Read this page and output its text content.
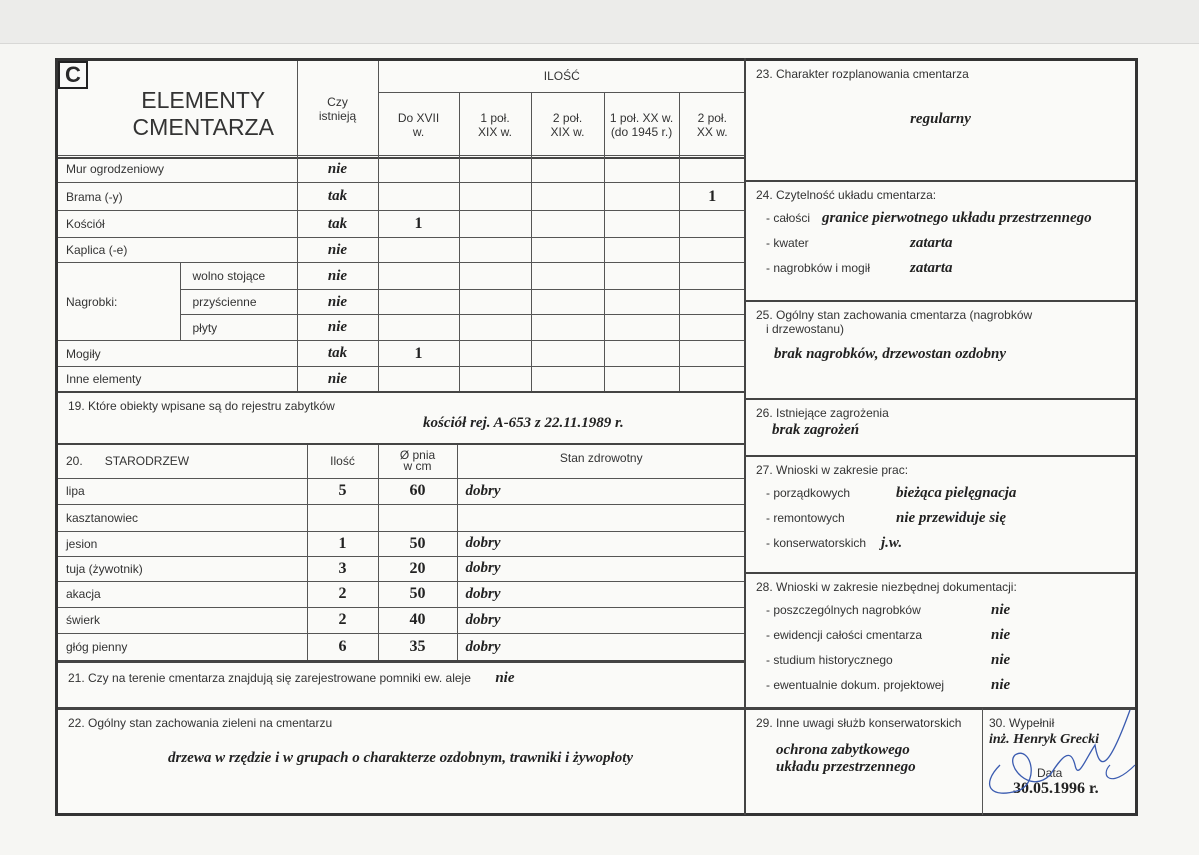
C
ELEMENTY
CMENTARZA	Czy istnieją	ILOŚĆ				
		Do XVII w.	1 poł. XIX w.	2 poł. XIX w.	1 poł. XX w. (do 1945 r.)	2 poł. XX w.
Mur ogrodzeniowy		nie					
Brama (-y)		tak					1
Kościół		tak	1				
Kaplica (-e)		nie					
Nagrobki:	wolno stojące	nie					
	przyścienne	nie					
	płyty	nie					
Mogiły		tak	1				
Inne elementy		nie					
19. Które obiekty wpisane są do rejestru zabytków
kościół rej. A-653 z 22.11.1989 r.
20. STARODRZEW	Ilość	Ø pnia w cm	Stan zdrowotny
lipa	5	60	dobry
kasztanowiec			
jesion	1	50	dobry
tuja (żywotnik)	3	20	dobry
akacja	2	50	dobry
świerk	2	40	dobry
głóg pienny	6	35	dobry
21. Czy na terenie cmentarza znajdują się zarejestrowane pomniki ew. aleje nie
22. Ogólny stan zachowania zieleni na cmentarzu
drzewa w rzędzie i w grupach o charakterze ozdobnym, trawniki i żywopłoty
23. Charakter rozplanowania cmentarza
regularny
24. Czytelność układu cmentarza:
- całości granice pierwotnego układu przestrzennego
- kwater	zatarta
- nagrobków i mogił	zatarta
25. Ogólny stan zachowania cmentarza (nagrobków
i drzewostanu)
brak nagrobków, drzewostan ozdobny
26. Istniejące zagrożenia
brak zagrożeń
27. Wnioski w zakresie prac:
- porządkowych	bieżąca pielęgnacja
- remontowych	nie przewiduje się
- konserwatorskich j.w.
28. Wnioski w zakresie niezbędnej dokumentacji:
- poszczególnych nagrobków	nie
- ewidencji całości cmentarza	nie
- studium historycznego	nie
- ewentualnie dokum. projektowej	nie
29. Inne uwagi służb konserwatorskich
ochrona zabytkowego
układu przestrzennego
30. Wypełnił
inż. Henryk Grecki
Data
30.05.1996 r.
